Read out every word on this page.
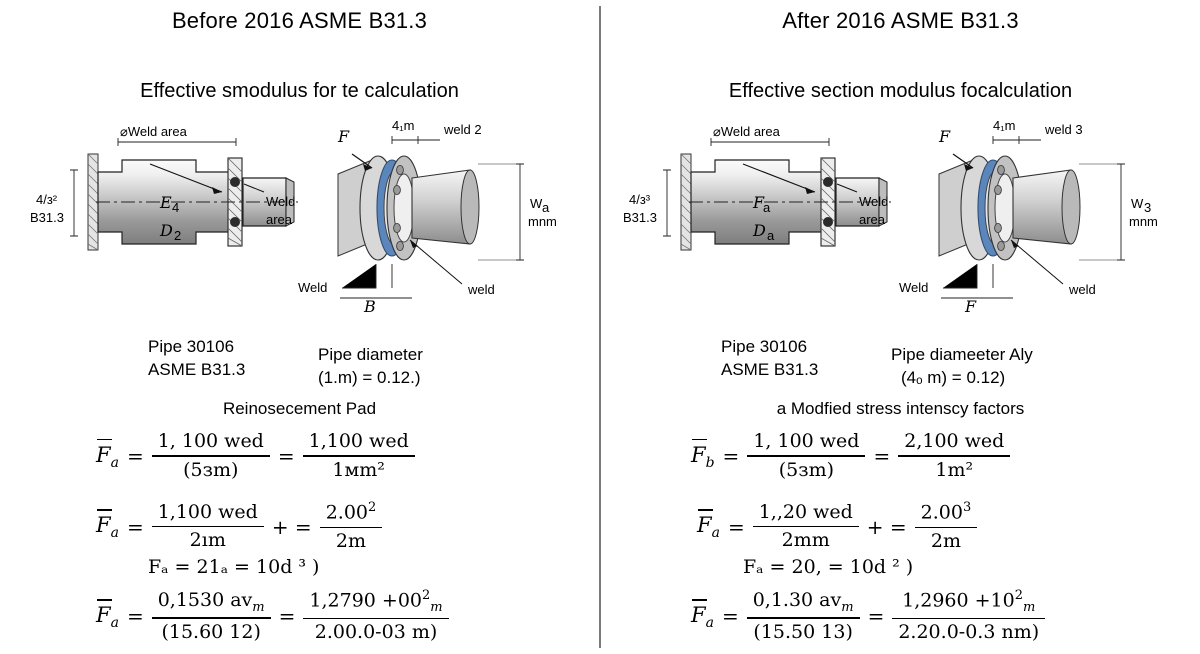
Before 2016 ASME B31.3
Effective smodulus for te calculation
⌀Weld area
4/з²
B31.3
E 4
D 2
Weld
area
F
4₁m weld 2
W a
mnm
Weld
B
weld
Pipe 30106
ASME B31.3
Pipe diameter
(1.m) = 0.12.)
Reinosecement Pad
$F_a = \frac{\text{1, 100 wed}}{(5зm)} = \frac{\text{1,100 wed}}{\text{1мm²}}$
$F_a = \frac{\text{1,100 wed}}{2ım}$ + = $\frac{2.00^2}{2m}$
Fₐ = 21ₐ = 10d ³ )
$F_a = \frac{0,1530 av_m}{(15.60 12)} = \frac{1,2790 +00^2_m}{2.00.0-03 m)}$
After 2016 ASME B31.3
Effective section modulus focalculation
⌀Weld area
4/з³
B31.3
F
a
D a
Weld
area
F
4₁m weld 3
W 3
mnm
Weld
F
weld
Pipe 30106
ASME B31.3
Pipe diameeter Aly
(4ₒ m) = 0.12)
a Modfied stress intenscy factors
$F_b = \frac{\text{1, 100 wed}}{(5зm)} = \frac{\text{2,100 wed}}{\text{1m²}}$
$F_a = \frac{\text{1,,20 wed}}{2mm}$ + = $\frac{2.00^3}{2m}$
Fₐ = 20, = 10d ² )
$F_a = \frac{0,1.30 av_m}{(15.50 13)} = \frac{1,2960 +10^2_m}{2.20.0-0.3 nm)}$
